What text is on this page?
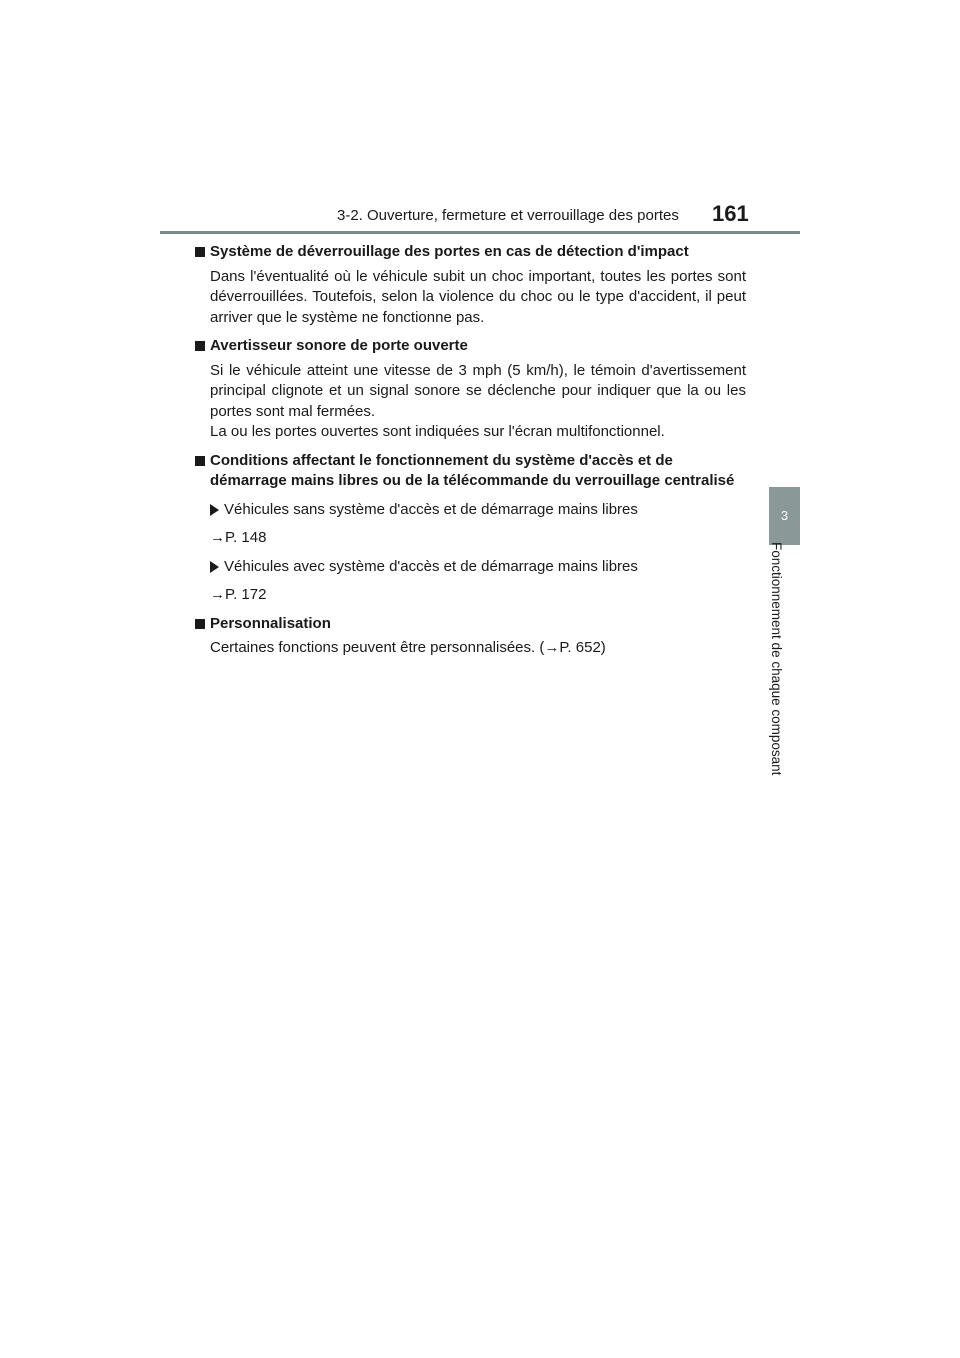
3-2. Ouverture, fermeture et verrouillage des portes 161
3
Fonctionnement de chaque composant
Système de déverrouillage des portes en cas de détection d'impact

Dans l'éventualité où le véhicule subit un choc important, toutes les portes sont déverrouillées. Toutefois, selon la violence du choc ou le type d'accident, il peut arriver que le système ne fonctionne pas.

Avertisseur sonore de porte ouverte

Si le véhicule atteint une vitesse de 3 mph (5 km/h), le témoin d'avertissement principal clignote et un signal sonore se déclenche pour indiquer que la ou les portes sont mal fermées.

La ou les portes ouvertes sont indiquées sur l'écran multifonctionnel.

Conditions affectant le fonctionnement du système d'accès et de démarrage mains libres ou de la télécommande du verrouillage centralisé
Véhicules sans système d'accès et de démarrage mains libres
→P. 148
Véhicules avec système d'accès et de démarrage mains libres
→P. 172
Personnalisation

Certaines fonctions peuvent être personnalisées. (→P. 652)
